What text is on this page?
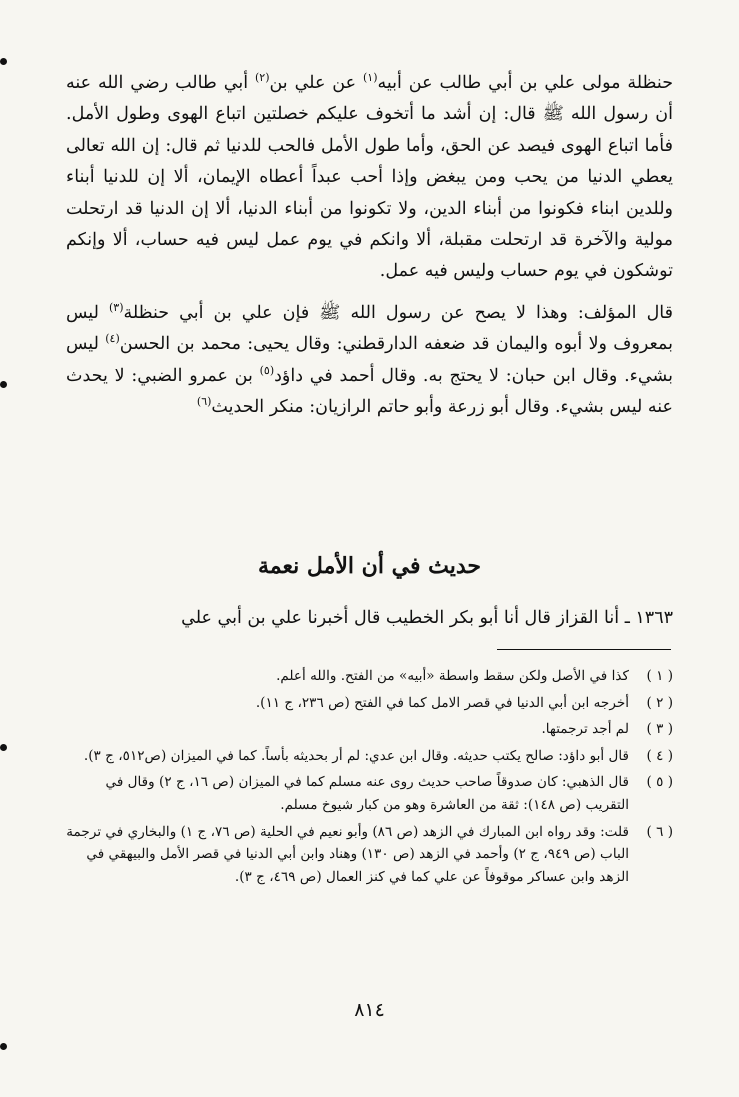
حنظلة مولى علي بن أبي طالب عن أبيه$^{(١)}$ عن علي بن$^{(٢)}$ أبي طالب رضي الله عنه أن رسول الله ﷺ قال: إن أشد ما أتخوف عليكم خصلتين اتباع الهوى وطول الأمل. فأما اتباع الهوى فيصد عن الحق، وأما طول الأمل فالحب للدنيا ثم قال: إن الله تعالى يعطي الدنيا من يحب ومن يبغض وإذا أحب عبداً أعطاه الإيمان، ألا إن للدنيا أبناء وللدين ابناء فكونوا من أبناء الدين، ولا تكونوا من أبناء الدنيا، ألا إن الدنيا قد ارتحلت مولية والآخرة قد ارتحلت مقبلة، ألا وانكم في يوم عمل ليس فيه حساب، ألا وإنكم توشكون في يوم حساب وليس فيه عمل.

قال المؤلف: وهذا لا يصح عن رسول الله ﷺ فإن علي بن أبي حنظلة$^{(٣)}$ ليس بمعروف ولا أبوه واليمان قد ضعفه الدارقطني: وقال يحيى: محمد بن الحسن$^{(٤)}$ ليس بشيء. وقال ابن حبان: لا يحتج به. وقال أحمد في داؤد$^{(٥)}$ بن عمرو الضبي: لا يحدث عنه ليس بشيء. وقال أبو زرعة وأبو حاتم الرازيان: منكر الحديث$^{(٦)}$

حديث في أن الأمل نعمة
١٣٦٣ ـ أنا القزاز قال أنا أبو بكر الخطيب قال أخبرنا علي بن أبي علي
( ١ )
كذا في الأصل ولكن سقط واسطة «أبيه» من الفتح. والله أعلم.
( ٢ )
أخرجه ابن أبي الدنيا في قصر الامل كما في الفتح (ص ٢٣٦، ج ١١).
( ٣ )
لم أجد ترجمتها.
( ٤ )
قال أبو داؤد: صالح يكتب حديثه. وقال ابن عدي: لم أر بحديثه بأساً. كما في الميزان (ص٥١٢، ج ٣).
( ٥ )
قال الذهبي: كان صدوقاً صاحب حديث روى عنه مسلم كما في الميزان (ص ١٦، ج ٢) وقال في التقريب (ص ١٤٨): ثقة من العاشرة وهو من كبار شيوخ مسلم.
( ٦ )
قلت: وقد رواه ابن المبارك في الزهد (ص ٨٦) وأبو نعيم في الحلية (ص ٧٦، ج ١) والبخاري في ترجمة الباب (ص ٩٤٩، ج ٢) وأحمد في الزهد (ص ١٣٠) وهناد وابن أبي الدنيا في قصر الأمل والبيهقي في الزهد وابن عساكر موقوفاً عن علي كما في كنز العمال (ص ٤٦٩، ج ٣).
٨١٤
